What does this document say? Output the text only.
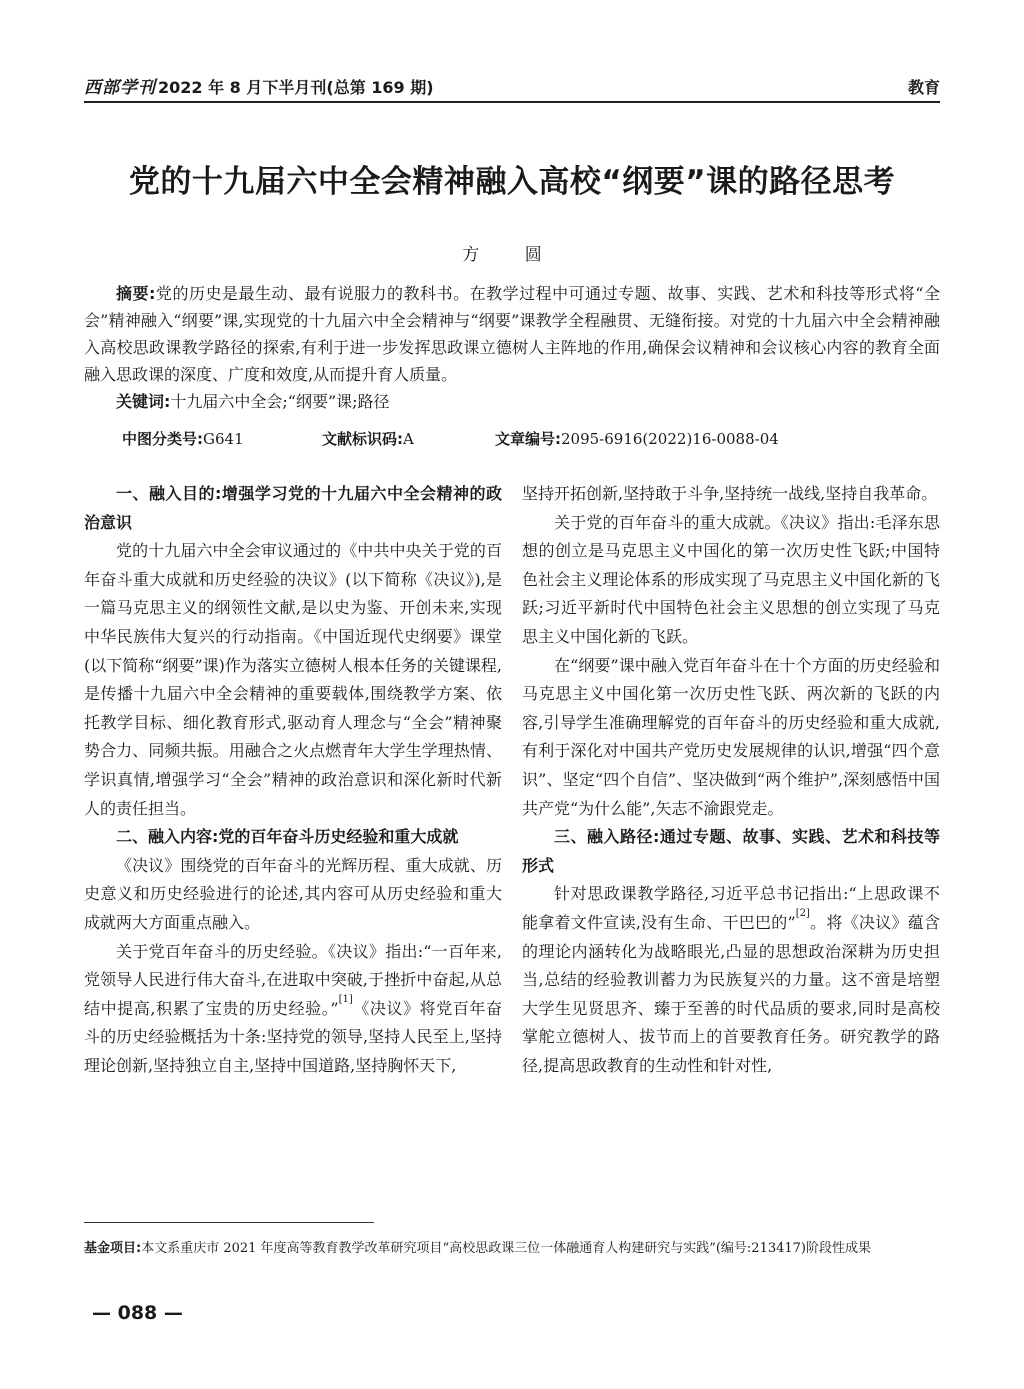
西部学刊 2022 年 8 月下半月刊(总第 169 期)	教育
党的十九届六中全会精神融入高校“纲要”课的路径思考
方 圆

摘要:党的历史是最生动、最有说服力的教科书。在教学过程中可通过专题、故事、实践、艺术和科技等形式将“全会”精神融入“纲要”课,实现党的十九届六中全会精神与“纲要”课教学全程融贯、无缝衔接。对党的十九届六中全会精神融入高校思政课教学路径的探索,有利于进一步发挥思政课立德树人主阵地的作用,确保会议精神和会议核心内容的教育全面融入思政课的深度、广度和效度,从而提升育人质量。

关键词:十九届六中全会;“纲要”课;路径

中图分类号:G641	文献标识码:A	文章编号:2095-6916(2022)16-0088-04

一、融入目的:增强学习党的十九届六中全会精神的政治意识

党的十九届六中全会审议通过的《中共中央关于党的百年奋斗重大成就和历史经验的决议》(以下简称《决议》),是一篇马克思主义的纲领性文献,是以史为鉴、开创未来,实现中华民族伟大复兴的行动指南。《中国近现代史纲要》课堂(以下简称“纲要”课)作为落实立德树人根本任务的关键课程,是传播十九届六中全会精神的重要载体,围绕教学方案、依托教学目标、细化教育形式,驱动育人理念与“全会”精神聚势合力、同频共振。用融合之火点燃青年大学生学理热情、学识真情,增强学习“全会”精神的政治意识和深化新时代新人的责任担当。

二、融入内容:党的百年奋斗历史经验和重大成就

《决议》围绕党的百年奋斗的光辉历程、重大成就、历史意义和历史经验进行的论述,其内容可从历史经验和重大成就两大方面重点融入。

关于党百年奋斗的历史经验。《决议》指出:“一百年来,党领导人民进行伟大奋斗,在进取中突破,于挫折中奋起,从总结中提高,积累了宝贵的历史经验。”[1]《决议》将党百年奋斗的历史经验概括为十条:坚持党的领导,坚持人民至上,坚持理论创新,坚持独立自主,坚持中国道路,坚持胸怀天下,

坚持开拓创新,坚持敢于斗争,坚持统一战线,坚持自我革命。

关于党的百年奋斗的重大成就。《决议》指出:毛泽东思想的创立是马克思主义中国化的第一次历史性飞跃;中国特色社会主义理论体系的形成实现了马克思主义中国化新的飞跃;习近平新时代中国特色社会主义思想的创立实现了马克思主义中国化新的飞跃。

在“纲要”课中融入党百年奋斗在十个方面的历史经验和马克思主义中国化第一次历史性飞跃、两次新的飞跃的内容,引导学生准确理解党的百年奋斗的历史经验和重大成就,有利于深化对中国共产党历史发展规律的认识,增强“四个意识”、坚定“四个自信”、坚决做到“两个维护”,深刻感悟中国共产党“为什么能”,矢志不渝跟党走。

三、融入路径:通过专题、故事、实践、艺术和科技等形式

针对思政课教学路径,习近平总书记指出:“上思政课不能拿着文件宣读,没有生命、干巴巴的”[2]。将《决议》蕴含的理论内涵转化为战略眼光,凸显的思想政治深耕为历史担当,总结的经验教训蓄力为民族复兴的力量。这不啻是培塑大学生见贤思齐、臻于至善的时代品质的要求,同时是高校掌舵立德树人、拔节而上的首要教育任务。研究教学的路径,提高思政教育的生动性和针对性,

基金项目:本文系重庆市 2021 年度高等教育教学改革研究项目“高校思政课三位一体融通育人构建研究与实践”(编号:213417)阶段性成果
— 088 —
